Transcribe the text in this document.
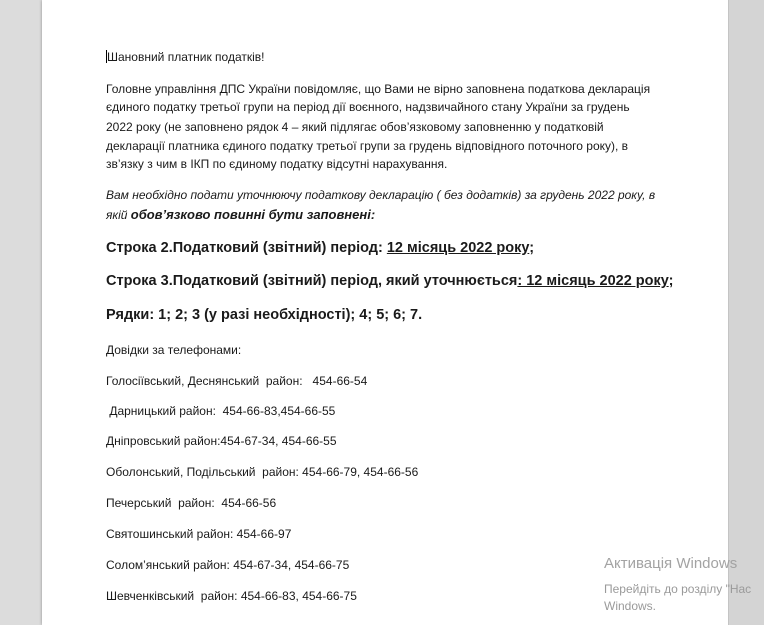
Шановний платник податків!

Головне управління ДПС України повідомляє, що Вами не вірно заповнена податкова декларація

єдиного податку третьої групи на період дії воєнного, надзвичайного стану України за грудень

2022 року (не заповнено рядок 4 – який підлягає обов’язковому заповненню у податковій

декларації платника єдиного податку третьої групи за грудень відповідного поточного року), в

зв’язку з чим в ІКП по єдиному податку відсутні нарахування.

Вам необхідно подати уточнюючу податкову декларацію ( без додатків) за грудень 2022 року, в

якій обов’язково повинні бути заповнені:

Строка 2.Податковий (звітний) період: 12 місяць 2022 року;

Строка 3.Податковий (звітний) період, який уточнюється: 12 місяць 2022 року;

Рядки: 1; 2; 3 (у разі необхідності); 4; 5; 6; 7.

Довідки за телефонами:

Голосіївський, Деснянський  район:   454-66-54

Дарницький район:  454-66-83,454-66-55

Дніпровський район:454-67-34, 454-66-55

Оболонський, Подільський  район: 454-66-79, 454-66-56

Печерський  район:  454-66-56

Святошинський район: 454-66-97

Солом’янський район: 454-67-34, 454-66-75

Шевченківський  район: 454-66-83, 454-66-75

Активація Windows
Перейдіть до розділу "Нас
Windows.
